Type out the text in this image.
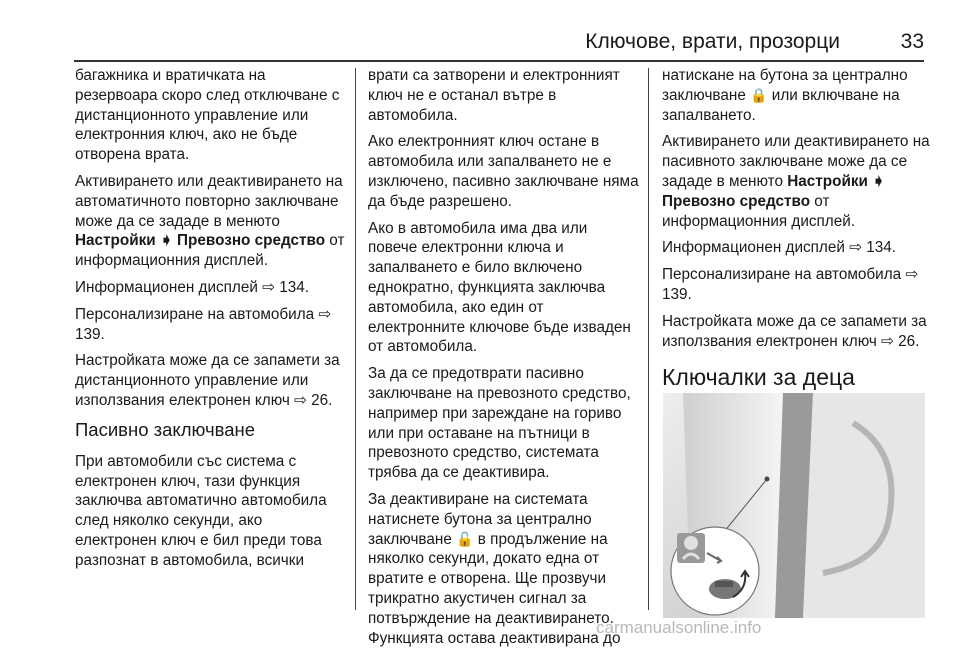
Ключове, врати, прозорци	33

багажника и вратичката на резервоара скоро след отключване с дистанционното управление или електронния ключ, ако не бъде отворена врата.

Активирането или деактивирането на автоматичното повторно заключване може да се зададе в менюто Настройки ➧ Превозно средство от информационния дисплей.

Информационен дисплей ⇨ 134.

Персонализиране на автомобила ⇨ 139.

Настройката може да се запамети за дистанционното управление или използвания електронен ключ ⇨ 26.

Пасивно заключване

При автомобили със система с електронен ключ, тази функция заключва автоматично автомобила след няколко секунди, ако електронен ключ е бил преди това разпознат в автомобила, всички

врати са затворени и електронният ключ не е останал вътре в автомобила.

Ако електронният ключ остане в автомобила или запалването не е изключено, пасивно заключване няма да бъде разрешено.

Ако в автомобила има два или повече електронни ключа и запалването е било включено еднократно, функцията заключва автомобила, ако един от електронните ключове бъде изваден от автомобила.

За да се предотврати пасивно заключване на превозното средство, например при зареждане на гориво или при оставане на пътници в превозното средство, системата трябва да се деактивира.

За деактивиране на системата натиснете бутона за централно заключване 🔓 в продължение на няколко секунди, докато една от вратите е отворена. Ще прозвучи трикратно акустичен сигнал за потвърждение на деактивирането. Функцията остава деактивирана до

натискане на бутона за централно заключване 🔒 или включване на запалването.

Активирането или деактивирането на пасивното заключване може да се зададе в менюто Настройки ➧ Превозно средство от информационния дисплей.

Информационен дисплей ⇨ 134.

Персонализиране на автомобила ⇨ 139.

Настройката може да се запамети за използвания електронен ключ ⇨ 26.

Ключалки за деца
carmanualsonline.info
